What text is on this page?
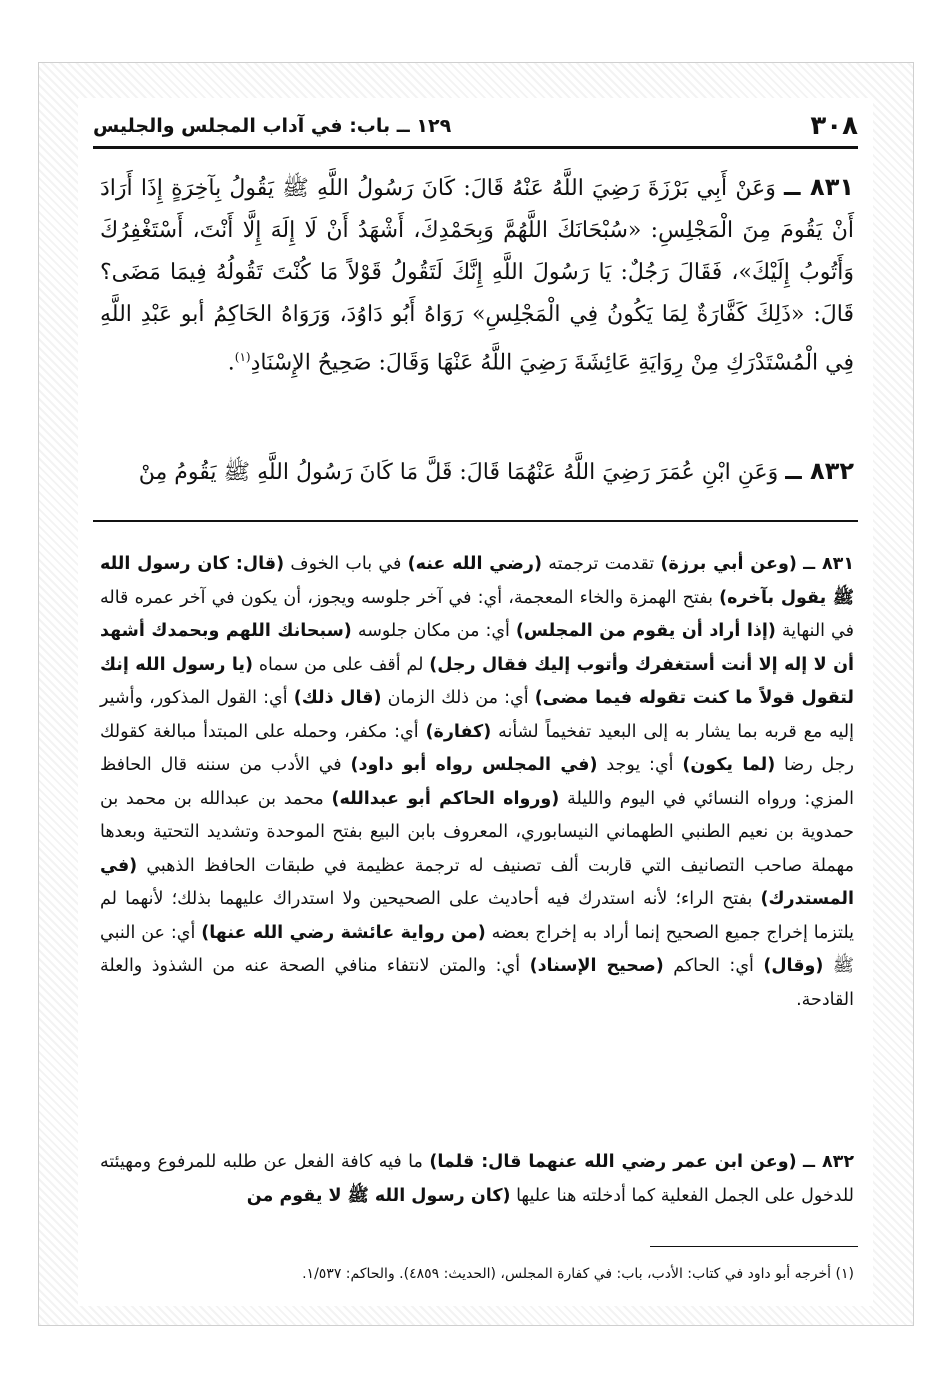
١٢٩ ــ باب: في آداب المجلس والجليس	٣٠٨
٨٣١ ــ وَعَنْ أَبِي بَرْزَةَ رَضِيَ اللَّهُ عَنْهُ قَالَ: كَانَ رَسُولُ اللَّهِ ﷺ يَقُولُ بِآخِرَةٍ إِذَا أَرَادَ أَنْ يَقُومَ مِنَ الْمَجْلِسِ: «سُبْحَانَكَ اللَّهُمَّ وَبِحَمْدِكَ، أَشْهَدُ أَنْ لَا إِلَهَ إِلَّا أَنْتَ، أَسْتَغْفِرُكَ وَأَتُوبُ إِلَيْكَ»، فَقَالَ رَجُلٌ: يَا رَسُولَ اللَّهِ إِنَّكَ لَتَقُولُ قَوْلاً مَا كُنْتَ تَقُولُهُ فِيمَا مَضَى؟ قَالَ: «ذَلِكَ كَفَّارَةٌ لِمَا يَكُونُ فِي الْمَجْلِسِ» رَوَاهُ أَبُو دَاوُدَ، وَرَوَاهُ الحَاكِمُ أبو عَبْدِ اللَّهِ فِي الْمُسْتَدْرَكِ مِنْ رِوَايَةِ عَائِشَةَ رَضِيَ اللَّهُ عَنْهَا وَقَالَ: صَحِيحُ الإِسْنَادِ$^{(١)}$.
٨٣٢ ــ وَعَنِ ابْنِ عُمَرَ رَضِيَ اللَّهُ عَنْهُمَا قَالَ: قَلَّ مَا كَانَ رَسُولُ اللَّهِ ﷺ يَقُومُ مِنْ
٨٣١ ــ (وعن أبي برزة) تقدمت ترجمته (رضي الله عنه) في باب الخوف (قال: كان رسول الله ﷺ يقول بآخره) بفتح الهمزة والخاء المعجمة، أي: في آخر جلوسه ويجوز، أن يكون في آخر عمره قاله في النهاية (إذا أراد أن يقوم من المجلس) أي: من مكان جلوسه (سبحانك اللهم وبحمدك أشهد أن لا إله إلا أنت أستغفرك وأتوب إليك فقال رجل) لم أقف على من سماه (يا رسول الله إنك لتقول قولاً ما كنت تقوله فيما مضى) أي: من ذلك الزمان (قال ذلك) أي: القول المذكور، وأشير إليه مع قربه بما يشار به إلى البعيد تفخيماً لشأنه (كفارة) أي: مكفر، وحمله على المبتدأ مبالغة كقولك رجل رضا (لما يكون) أي: يوجد (في المجلس رواه أبو داود) في الأدب من سننه قال الحافظ المزي: ورواه النسائي في اليوم والليلة (ورواه الحاكم أبو عبدالله) محمد بن عبدالله بن محمد بن حمدوية بن نعيم الطنبي الطهماني النيسابوري، المعروف بابن البيع بفتح الموحدة وتشديد التحتية وبعدها مهملة صاحب التصانيف التي قاربت ألف تصنيف له ترجمة عظيمة في طبقات الحافظ الذهبي (في المستدرك) بفتح الراء؛ لأنه استدرك فيه أحاديث على الصحيحين ولا استدراك عليهما بذلك؛ لأنهما لم يلتزما إخراج جميع الصحيح إنما أراد به إخراج بعضه (من رواية عائشة رضي الله عنها) أي: عن النبي ﷺ (وقال) أي: الحاكم (صحيح الإسناد) أي: والمتن لانتفاء منافي الصحة عنه من الشذوذ والعلة القادحة.
٨٣٢ ــ (وعن ابن عمر رضي الله عنهما قال: قلما) ما فيه كافة الفعل عن طلبه للمرفوع ومهيئته للدخول على الجمل الفعلية كما أدخلته هنا عليها (كان رسول الله ﷺ لا يقوم من
(١) أخرجه أبو داود في كتاب: الأدب، باب: في كفارة المجلس، (الحديث: ٤٨٥٩). والحاكم: ١/٥٣٧.
